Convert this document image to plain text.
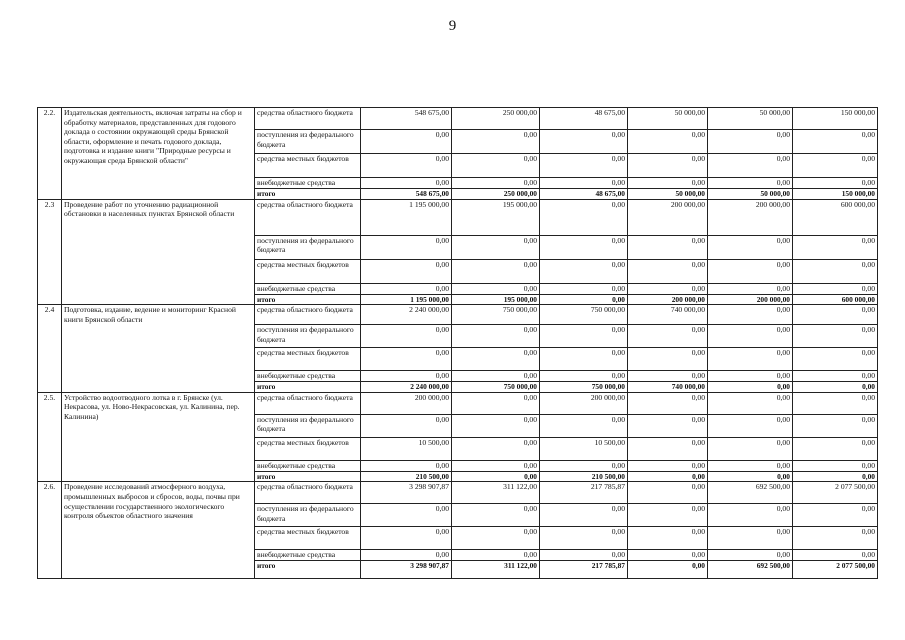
9
2.2.	Издательская деятельность, включая затраты на сбор и обработку материалов, представленных для годового доклада о состоянии окружающей среды Брянской области, оформление и печать годового доклада, подготовка и издание книги "Природные ресурсы и окружающая среда Брянской области"	средства областного бюджета	548 675,00	250 000,00	48 675,00	50 000,00	50 000,00	150 000,00
		поступления из федерального бюджета	0,00	0,00	0,00	0,00	0,00	0,00
		средства местных бюджетов	0,00	0,00	0,00	0,00	0,00	0,00
		внебюджетные средства	0,00	0,00	0,00	0,00	0,00	0,00
		итого	548 675,00	250 000,00	48 675,00	50 000,00	50 000,00	150 000,00
2.3	Проведение работ по уточнению радиационной обстановки в населенных пунктах Брянской области	средства областного бюджета	1 195 000,00	195 000,00	0,00	200 000,00	200 000,00	600 000,00
		поступления из федерального бюджета	0,00	0,00	0,00	0,00	0,00	0,00
		средства местных бюджетов	0,00	0,00	0,00	0,00	0,00	0,00
		внебюджетные средства	0,00	0,00	0,00	0,00	0,00	0,00
		итого	1 195 000,00	195 000,00	0,00	200 000,00	200 000,00	600 000,00
2.4	Подготовка, издание, ведение и мониторинг Красной книги Брянской области	средства областного бюджета	2 240 000,00	750 000,00	750 000,00	740 000,00	0,00	0,00
		поступления из федерального бюджета	0,00	0,00	0,00	0,00	0,00	0,00
		средства местных бюджетов	0,00	0,00	0,00	0,00	0,00	0,00
		внебюджетные средства	0,00	0,00	0,00	0,00	0,00	0,00
		итого	2 240 000,00	750 000,00	750 000,00	740 000,00	0,00	0,00
2.5.	Устройство водоотводного лотка в г. Брянске (ул. Некрасова, ул. Ново-Некрасовская, ул. Калинина, пер. Калинина)	средства областного бюджета	200 000,00	0,00	200 000,00	0,00	0,00	0,00
		поступления из федерального бюджета	0,00	0,00	0,00	0,00	0,00	0,00
		средства местных бюджетов	10 500,00	0,00	10 500,00	0,00	0,00	0,00
		внебюджетные средства	0,00	0,00	0,00	0,00	0,00	0,00
		итого	210 500,00	0,00	210 500,00	0,00	0,00	0,00
2.6.	Проведение исследований атмосферного воздуха, промышленных выбросов и сбросов, воды, почвы при осуществлении государственного экологического контроля объектов областного значения	средства областного бюджета	3 298 907,87	311 122,00	217 785,87	0,00	692 500,00	2 077 500,00
		поступления из федерального бюджета	0,00	0,00	0,00	0,00	0,00	0,00
		средства местных бюджетов	0,00	0,00	0,00	0,00	0,00	0,00
		внебюджетные средства	0,00	0,00	0,00	0,00	0,00	0,00
		итого	3 298 907,87	311 122,00	217 785,87	0,00	692 500,00	2 077 500,00
